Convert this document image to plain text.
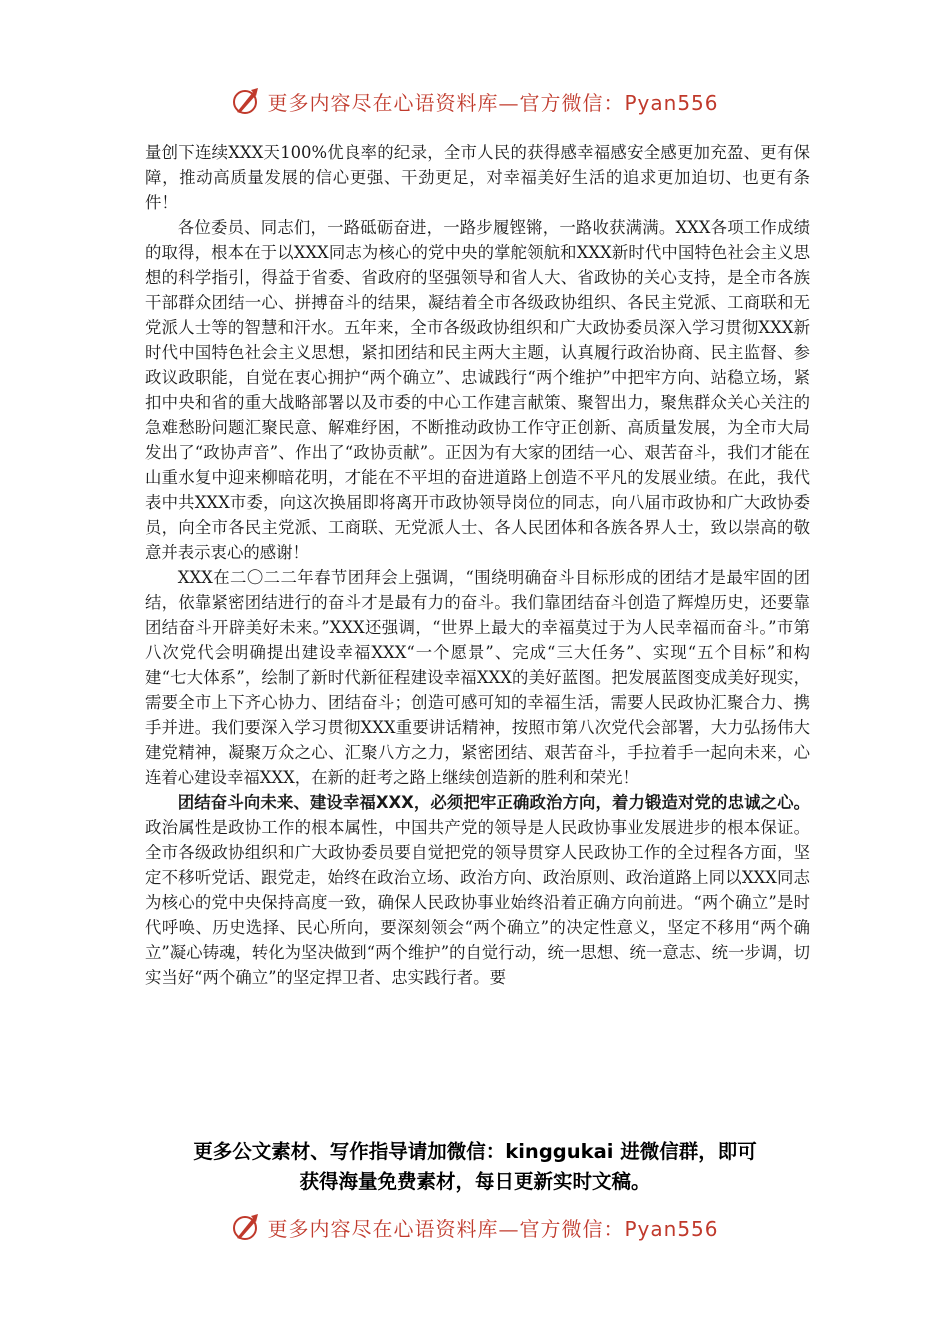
更多内容尽在心语资料库—官方微信：Pyan556

量创下连续XXX天100%优良率的纪录，全市人民的获得感幸福感安全感更加充盈、更有保障，推动高质量发展的信心更强、干劲更足，对幸福美好生活的追求更加迫切、也更有条件！

各位委员、同志们，一路砥砺奋进，一路步履铿锵，一路收获满满。XXX各项工作成绩的取得，根本在于以XXX同志为核心的党中央的掌舵领航和XXX新时代中国特色社会主义思想的科学指引，得益于省委、省政府的坚强领导和省人大、省政协的关心支持，是全市各族干部群众团结一心、拼搏奋斗的结果，凝结着全市各级政协组织、各民主党派、工商联和无党派人士等的智慧和汗水。五年来，全市各级政协组织和广大政协委员深入学习贯彻XXX新时代中国特色社会主义思想，紧扣团结和民主两大主题，认真履行政治协商、民主监督、参政议政职能，自觉在衷心拥护“两个确立”、忠诚践行“两个维护”中把牢方向、站稳立场，紧扣中央和省的重大战略部署以及市委的中心工作建言献策、聚智出力，聚焦群众关心关注的急难愁盼问题汇聚民意、解难纾困，不断推动政协工作守正创新、高质量发展，为全市大局发出了“政协声音”、作出了“政协贡献”。正因为有大家的团结一心、艰苦奋斗，我们才能在山重水复中迎来柳暗花明，才能在不平坦的奋进道路上创造不平凡的发展业绩。在此，我代表中共XXX市委，向这次换届即将离开市政协领导岗位的同志，向八届市政协和广大政协委员，向全市各民主党派、工商联、无党派人士、各人民团体和各族各界人士，致以崇高的敬意并表示衷心的感谢！

XXX在二〇二二年春节团拜会上强调，“围绕明确奋斗目标形成的团结才是最牢固的团结，依靠紧密团结进行的奋斗才是最有力的奋斗。我们靠团结奋斗创造了辉煌历史，还要靠团结奋斗开辟美好未来。”XXX还强调，“世界上最大的幸福莫过于为人民幸福而奋斗。”市第八次党代会明确提出建设幸福XXX“一个愿景”、完成“三大任务”、实现“五个目标”和构建“七大体系”，绘制了新时代新征程建设幸福XXX的美好蓝图。把发展蓝图变成美好现实，需要全市上下齐心协力、团结奋斗；创造可感可知的幸福生活，需要人民政协汇聚合力、携手并进。我们要深入学习贯彻XXX重要讲话精神，按照市第八次党代会部署，大力弘扬伟大建党精神，凝聚万众之心、汇聚八方之力，紧密团结、艰苦奋斗，手拉着手一起向未来，心连着心建设幸福XXX，在新的赶考之路上继续创造新的胜利和荣光！

团结奋斗向未来、建设幸福XXX，必须把牢正确政治方向，着力锻造对党的忠诚之心。政治属性是政协工作的根本属性，中国共产党的领导是人民政协事业发展进步的根本保证。全市各级政协组织和广大政协委员要自觉把党的领导贯穿人民政协工作的全过程各方面，坚定不移听党话、跟党走，始终在政治立场、政治方向、政治原则、政治道路上同以XXX同志为核心的党中央保持高度一致，确保人民政协事业始终沿着正确方向前进。“两个确立”是时代呼唤、历史选择、民心所向，要深刻领会“两个确立”的决定性意义，坚定不移用“两个确立”凝心铸魂，转化为坚决做到“两个维护”的自觉行动，统一思想、统一意志、统一步调，切实当好“两个确立”的坚定捍卫者、忠实践行者。要

更多公文素材、写作指导请加微信：kinggukai 进微信群，即可
获得海量免费素材，每日更新实时文稿。
更多内容尽在心语资料库—官方微信：Pyan556
